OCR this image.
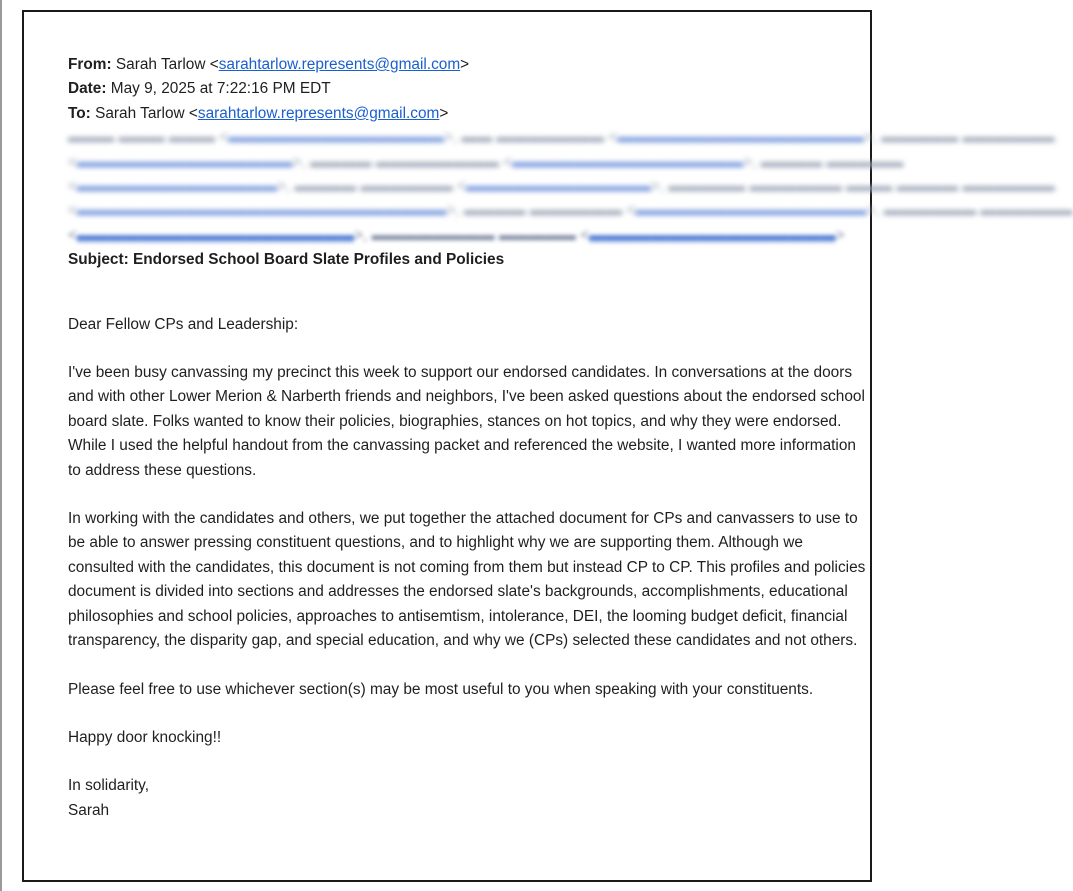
From: Sarah Tarlow <sarahtarlow.represents@gmail.com>
Date: May 9, 2025 at 7:22:16 PM EDT
To: Sarah Tarlow <sarahtarlow.represents@gmail.com>
▬▬▬ ▬▬▬ ▬▬▬ <▬▬▬▬▬▬▬▬▬▬▬▬▬▬>, ▬▬ ▬▬▬▬▬▬▬ <▬▬▬▬▬▬▬▬▬▬▬▬▬▬▬▬>, ▬▬▬▬▬ ▬▬▬▬▬▬
<▬▬▬▬▬▬▬▬▬▬▬▬▬▬>, ▬▬▬▬ ▬▬▬▬▬▬▬▬ <▬▬▬▬▬▬▬▬▬▬▬▬▬▬▬>, ▬▬▬▬ ▬▬▬▬▬
<▬▬▬▬▬▬▬▬▬▬▬▬▬>, ▬▬▬▬ ▬▬▬▬▬▬ <▬▬▬▬▬▬▬▬▬▬▬▬>, ▬▬▬▬▬ ▬▬▬▬▬▬ ▬▬▬ ▬▬▬▬ ▬▬▬▬▬▬
<▬▬▬▬▬▬▬▬▬▬▬▬▬▬▬▬▬▬▬▬▬▬▬▬>, ▬▬▬▬ ▬▬▬▬▬▬ <▬▬▬▬▬▬▬▬▬▬▬▬▬▬▬>, ▬▬▬▬▬▬ ▬▬▬▬▬▬
<▬▬▬▬▬▬▬▬▬▬▬▬▬▬▬▬▬▬>, ▬▬▬▬▬▬▬▬ ▬▬▬▬▬ <▬▬▬▬▬▬▬▬▬▬▬▬▬▬▬▬>
Subject: Endorsed School Board Slate Profiles and Policies

Dear Fellow CPs and Leadership:

I've been busy canvassing my precinct this week to support our endorsed candidates. In conversations at the doors and with other Lower Merion & Narberth friends and neighbors, I've been asked questions about the endorsed school board slate. Folks wanted to know their policies, biographies, stances on hot topics, and why they were endorsed. While I used the helpful handout from the canvassing packet and referenced the website, I wanted more information to address these questions.

In working with the candidates and others, we put together the attached document for CPs and canvassers to use to be able to answer pressing constituent questions, and to highlight why we are supporting them. Although we consulted with the candidates, this document is not coming from them but instead CP to CP. This profiles and policies document is divided into sections and addresses the endorsed slate's backgrounds, accomplishments, educational philosophies and school policies, approaches to antisemtism, intolerance, DEI, the looming budget deficit, financial transparency, the disparity gap, and special education, and why we (CPs) selected these candidates and not others.

Please feel free to use whichever section(s) may be most useful to you when speaking with your constituents.

Happy door knocking!!

In solidarity,

Sarah
